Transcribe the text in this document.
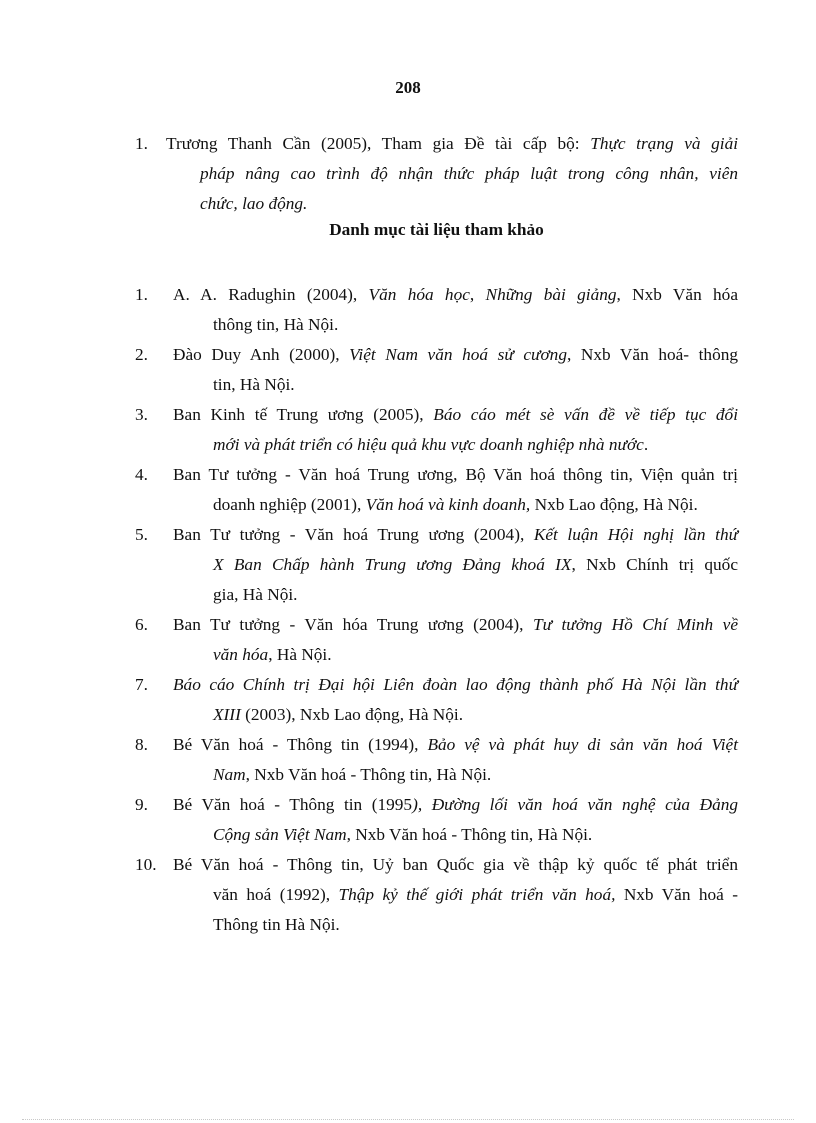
208
1. Trương Thanh Cần (2005), Tham gia Đề tài cấp bộ: Thực trạng và giải
pháp nâng cao trình độ nhận thức pháp luật trong công nhân, viên
chức, lao động.
Danh mục tài liệu tham khảo
1. A. A. Radughin (2004), Văn hóa học, Những bài giảng, Nxb Văn hóa
thông tin, Hà Nội.
2. Đào Duy Anh (2000), Việt Nam văn hoá sử cương, Nxb Văn hoá- thông
tin, Hà Nội.
3. Ban Kinh tế Trung ương (2005), Báo cáo mét sè vấn đề về tiếp tục đổi
mới và phát triển có hiệu quả khu vực doanh nghiệp nhà nước.
4. Ban Tư tưởng - Văn hoá Trung ương, Bộ Văn hoá thông tin, Viện quản trị
doanh nghiệp (2001), Văn hoá và kinh doanh, Nxb Lao động, Hà Nội.
5. Ban Tư tưởng - Văn hoá Trung ương (2004), Kết luận Hội nghị lần thứ
X Ban Chấp hành Trung ương Đảng khoá IX, Nxb Chính trị quốc
gia, Hà Nội.
6. Ban Tư tưởng - Văn hóa Trung ương (2004), Tư tưởng Hồ Chí Minh về
văn hóa, Hà Nội.
7. Báo cáo Chính trị Đại hội Liên đoàn lao động thành phố Hà Nội lần thứ
XIII (2003), Nxb Lao động, Hà Nội.
8. Bé Văn hoá - Thông tin (1994), Bảo vệ và phát huy di sản văn hoá Việt
Nam, Nxb Văn hoá - Thông tin, Hà Nội.
9. Bé Văn hoá - Thông tin (1995), Đường lối văn hoá văn nghệ của Đảng
Cộng sản Việt Nam, Nxb Văn hoá - Thông tin, Hà Nội.
10. Bé Văn hoá - Thông tin, Uỷ ban Quốc gia về thập kỷ quốc tế phát triển
văn hoá (1992), Thập kỷ thế giới phát triển văn hoá, Nxb Văn hoá -
Thông tin Hà Nội.
